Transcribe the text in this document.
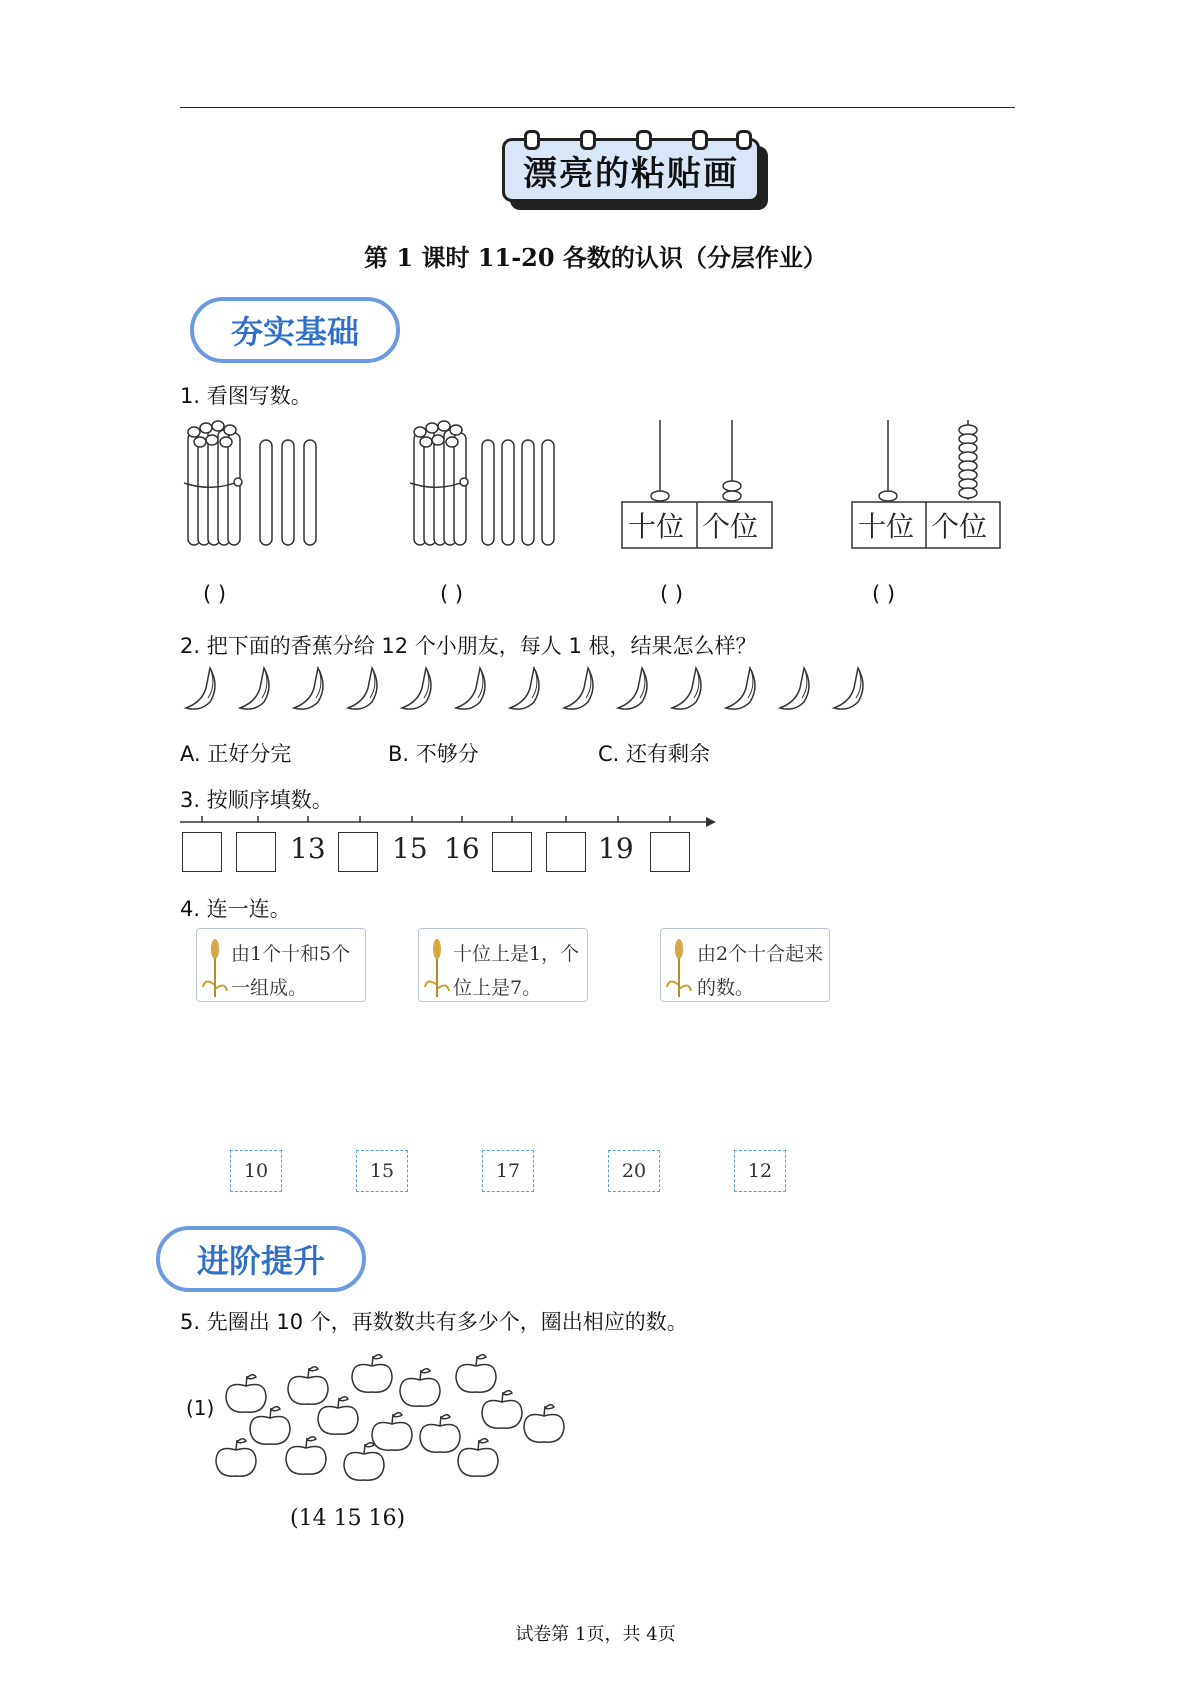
漂亮的粘贴画
第 1 课时 11-20 各数的认识（分层作业）
夯实基础
1. 看图写数。
十位 个位	十位 个位
( )	( )	( )	( )
2. 把下面的香蕉分给 12 个小朋友，每人 1 根，结果怎么样？
A. 正好分完	B. 不够分	C. 还有剩余
3. 按顺序填数。
13 15 16	19
4. 连一连。
由1个十和5个一组成。
十位上是1，个位上是7。
由2个十合起来的数。
10	15	17	20	12
进阶提升
5. 先圈出 10 个，再数数共有多少个，圈出相应的数。
(1)
(14 15 16)
试卷第 1页，共 4页
